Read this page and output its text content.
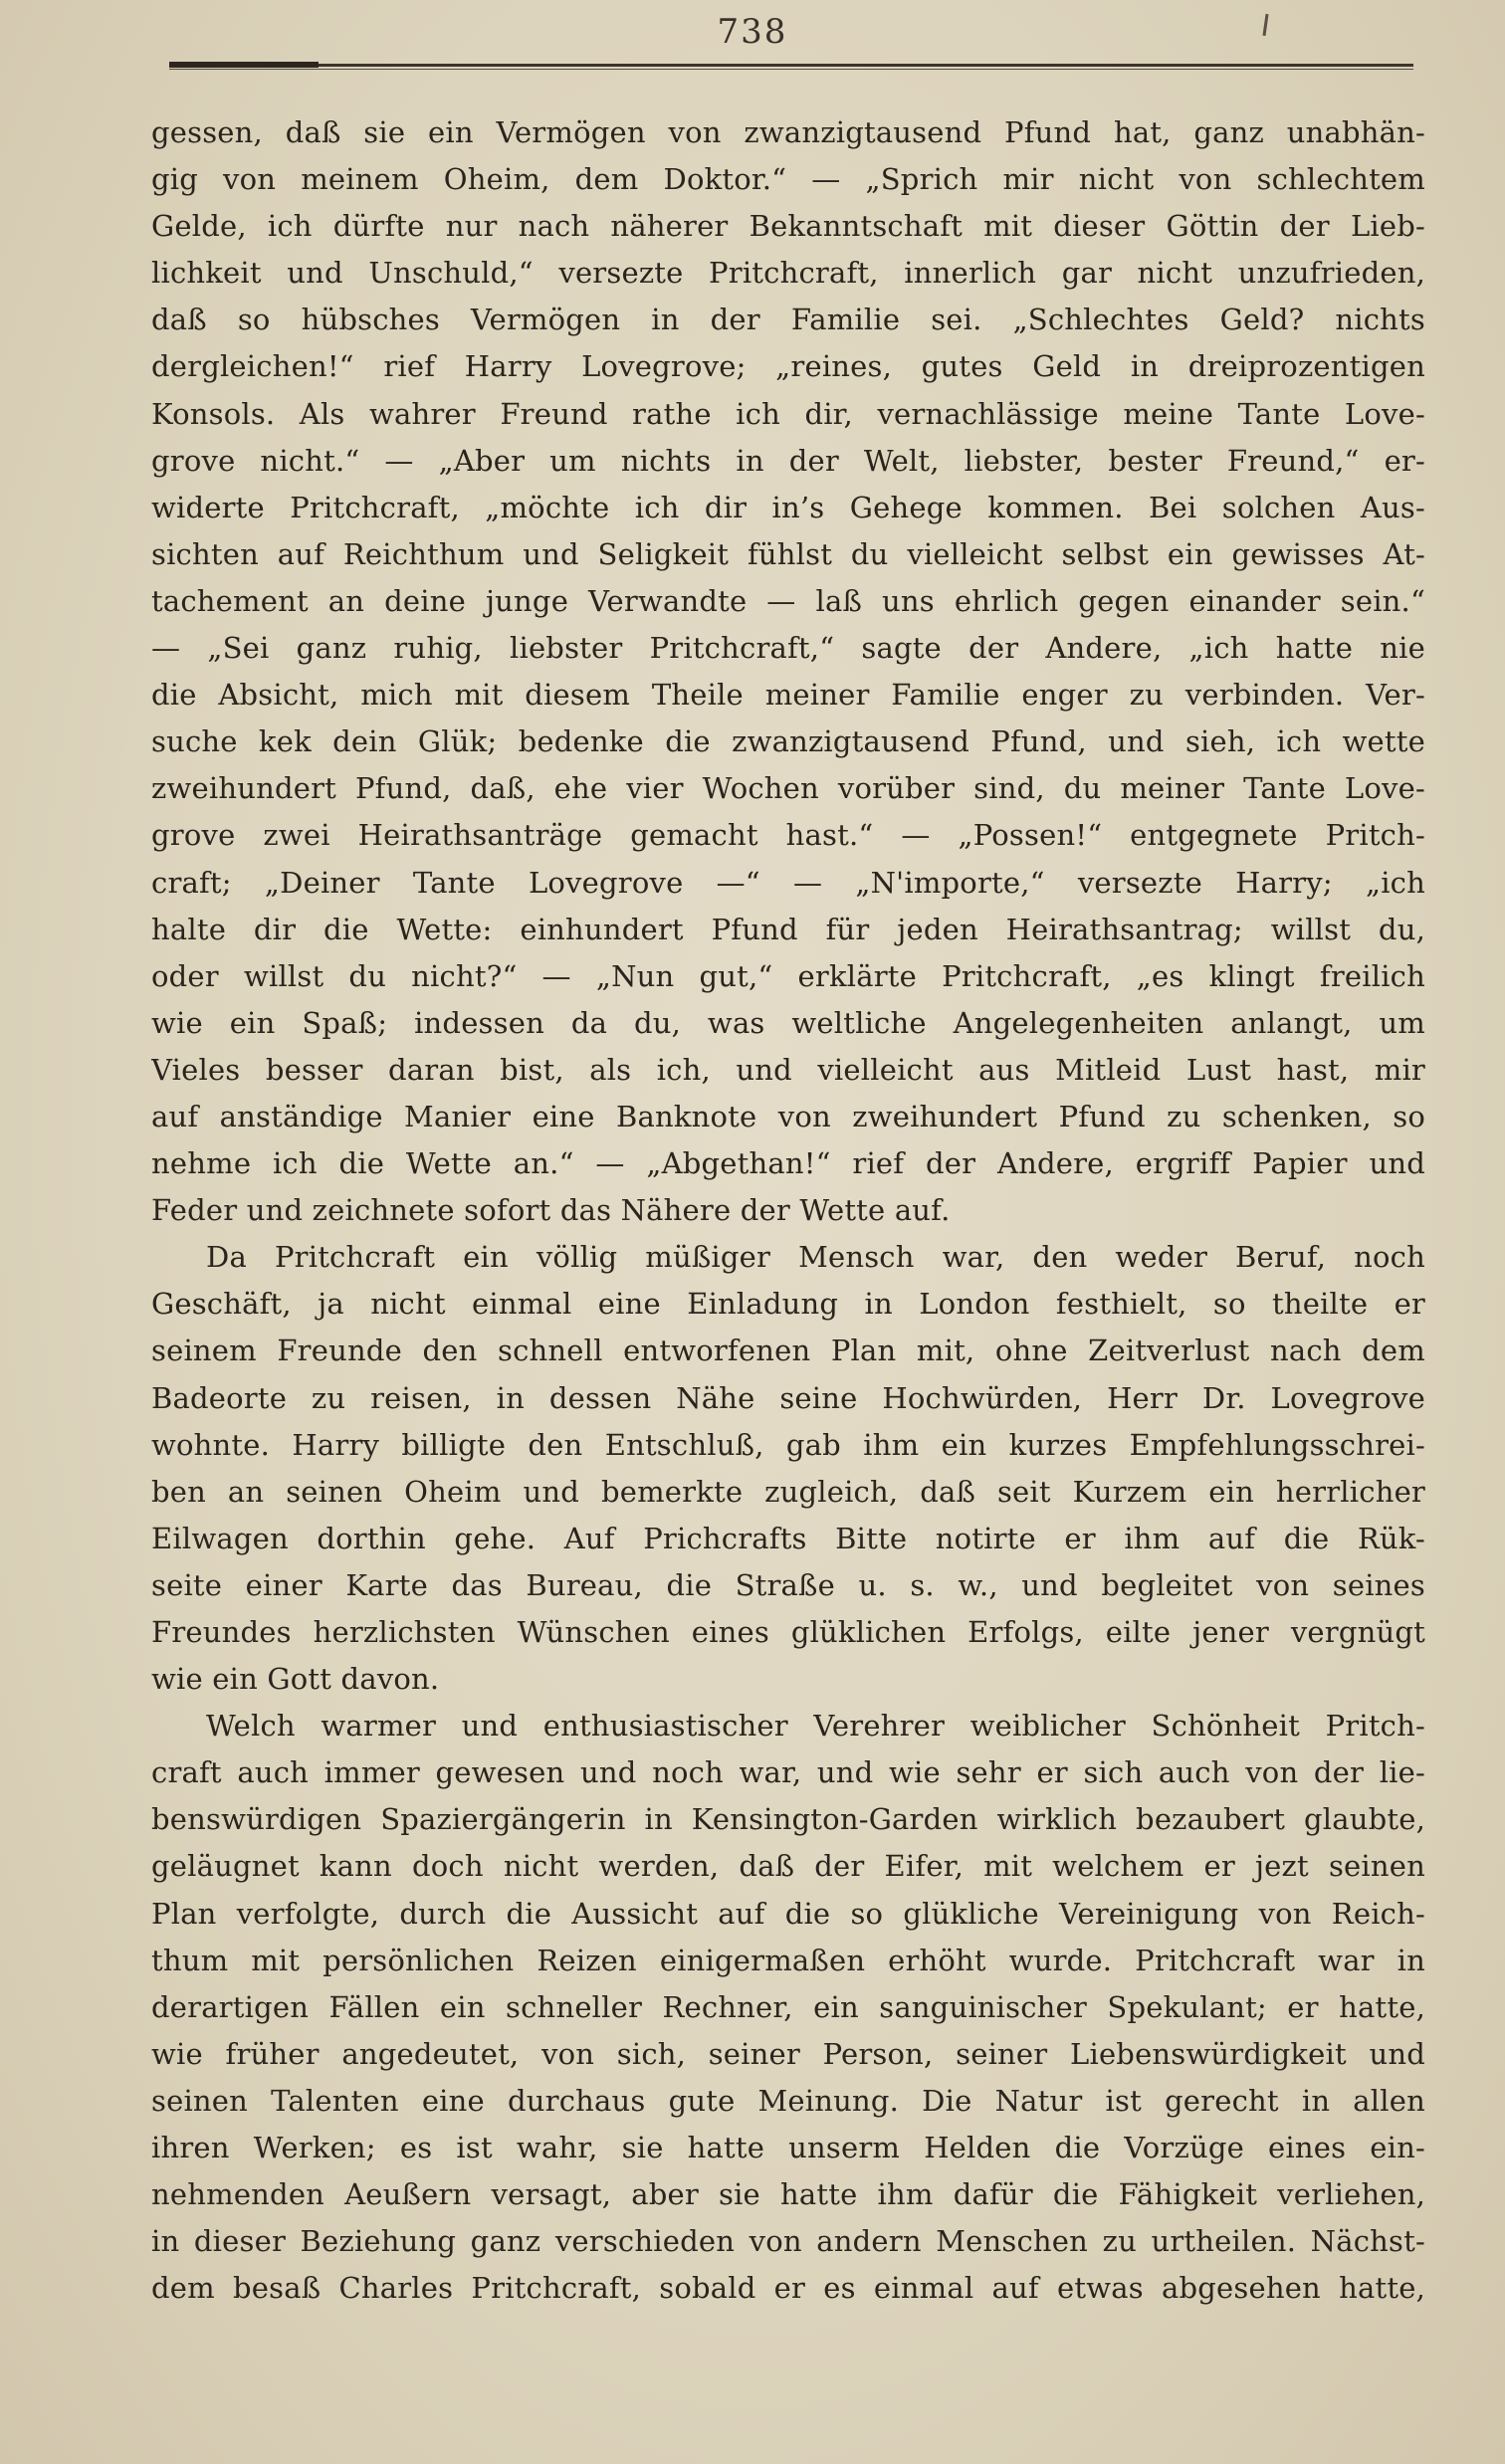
738
gessen, daß sie ein Vermögen von zwanzigtausend Pfund hat, ganz unabhän-
gig von meinem Oheim, dem Doktor.“ — „Sprich mir nicht von schlechtem
Gelde, ich dürfte nur nach näherer Bekanntschaft mit dieser Göttin der Lieb-
lichkeit und Unschuld,“ versezte Pritchcraft, innerlich gar nicht unzufrieden,
daß so hübsches Vermögen in der Familie sei. „Schlechtes Geld? nichts
dergleichen!“ rief Harry Lovegrove; „reines, gutes Geld in dreiprozentigen
Konsols. Als wahrer Freund rathe ich dir, vernachlässige meine Tante Love-
grove nicht.“ — „Aber um nichts in der Welt, liebster, bester Freund,“ er-
widerte Pritchcraft, „möchte ich dir in’s Gehege kommen. Bei solchen Aus-
sichten auf Reichthum und Seligkeit fühlst du vielleicht selbst ein gewisses At-
tachement an deine junge Verwandte — laß uns ehrlich gegen einander sein.“
— „Sei ganz ruhig, liebster Pritchcraft,“ sagte der Andere, „ich hatte nie
die Absicht, mich mit diesem Theile meiner Familie enger zu verbinden. Ver-
suche kek dein Glük; bedenke die zwanzigtausend Pfund, und sieh, ich wette
zweihundert Pfund, daß, ehe vier Wochen vorüber sind, du meiner Tante Love-
grove zwei Heirathsanträge gemacht hast.“ — „Possen!“ entgegnete Pritch-
craft; „Deiner Tante Lovegrove —“ — „N'importe,“ versezte Harry; „ich
halte dir die Wette: einhundert Pfund für jeden Heirathsantrag; willst du,
oder willst du nicht?“ — „Nun gut,“ erklärte Pritchcraft, „es klingt freilich
wie ein Spaß; indessen da du, was weltliche Angelegenheiten anlangt, um
Vieles besser daran bist, als ich, und vielleicht aus Mitleid Lust hast, mir
auf anständige Manier eine Banknote von zweihundert Pfund zu schenken, so
nehme ich die Wette an.“ — „Abgethan!“ rief der Andere, ergriff Papier und
Feder und zeichnete sofort das Nähere der Wette auf.
Da Pritchcraft ein völlig müßiger Mensch war, den weder Beruf, noch
Geschäft, ja nicht einmal eine Einladung in London festhielt, so theilte er
seinem Freunde den schnell entworfenen Plan mit, ohne Zeitverlust nach dem
Badeorte zu reisen, in dessen Nähe seine Hochwürden, Herr Dr. Lovegrove
wohnte. Harry billigte den Entschluß, gab ihm ein kurzes Empfehlungsschrei-
ben an seinen Oheim und bemerkte zugleich, daß seit Kurzem ein herrlicher
Eilwagen dorthin gehe. Auf Prichcrafts Bitte notirte er ihm auf die Rük-
seite einer Karte das Bureau, die Straße u. s. w., und begleitet von seines
Freundes herzlichsten Wünschen eines glüklichen Erfolgs, eilte jener vergnügt
wie ein Gott davon.
Welch warmer und enthusiastischer Verehrer weiblicher Schönheit Pritch-
craft auch immer gewesen und noch war, und wie sehr er sich auch von der lie-
benswürdigen Spaziergängerin in Kensington-Garden wirklich bezaubert glaubte,
geläugnet kann doch nicht werden, daß der Eifer, mit welchem er jezt seinen
Plan verfolgte, durch die Aussicht auf die so glükliche Vereinigung von Reich-
thum mit persönlichen Reizen einigermaßen erhöht wurde. Pritchcraft war in
derartigen Fällen ein schneller Rechner, ein sanguinischer Spekulant; er hatte,
wie früher angedeutet, von sich, seiner Person, seiner Liebenswürdigkeit und
seinen Talenten eine durchaus gute Meinung. Die Natur ist gerecht in allen
ihren Werken; es ist wahr, sie hatte unserm Helden die Vorzüge eines ein-
nehmenden Aeußern versagt, aber sie hatte ihm dafür die Fähigkeit verliehen,
in dieser Beziehung ganz verschieden von andern Menschen zu urtheilen. Nächst-
dem besaß Charles Pritchcraft, sobald er es einmal auf etwas abgesehen hatte,
